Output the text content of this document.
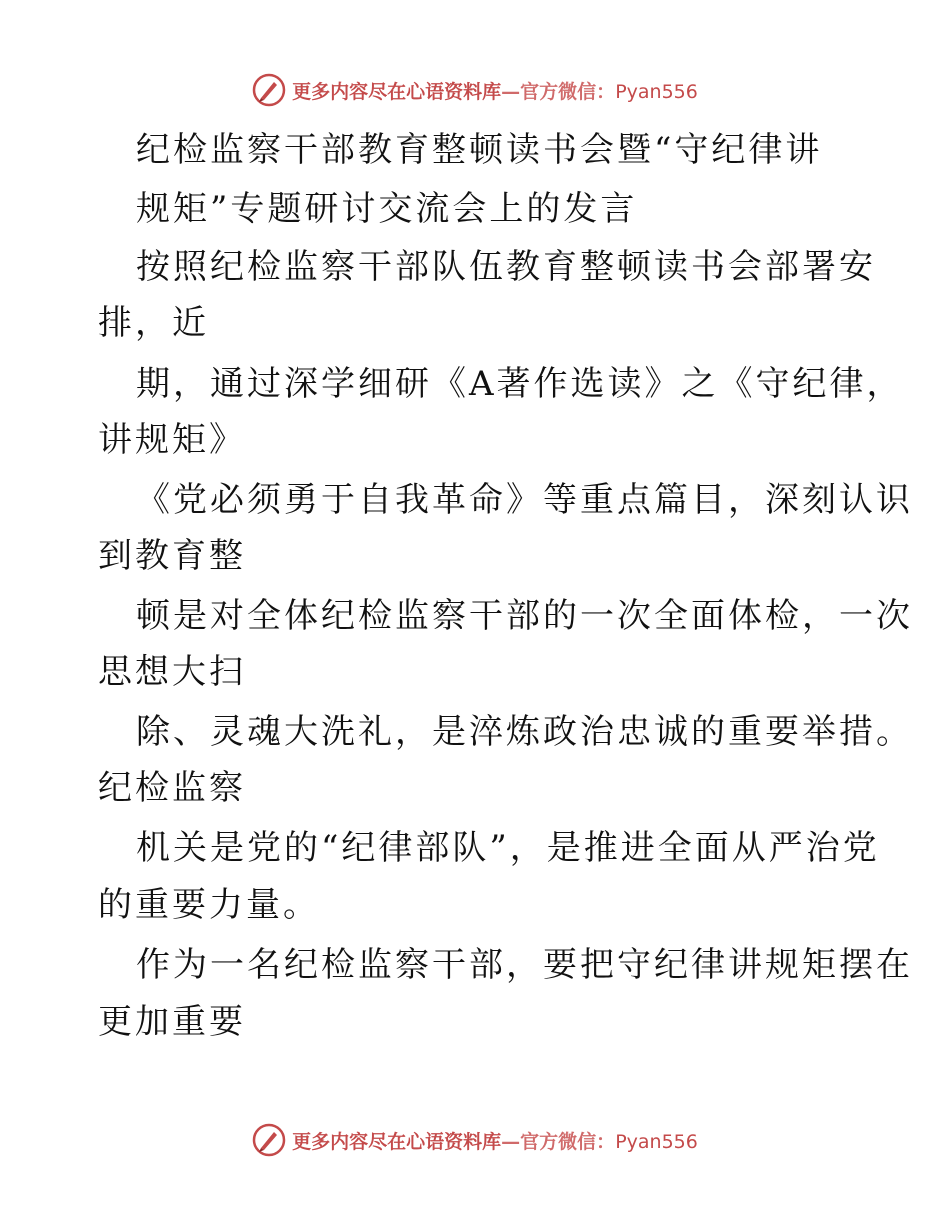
更多内容尽在心语资料库—官方微信：Pyan556
纪检监察干部教育整顿读书会暨“守纪律讲
规矩”专题研讨交流会上的发言
按照纪检监察干部队伍教育整顿读书会部署安
排，近
期，通过深学细研《A著作选读》之《守纪律，
讲规矩》
《党必须勇于自我革命》等重点篇目，深刻认识
到教育整
顿是对全体纪检监察干部的一次全面体检，一次
思想大扫
除、灵魂大洗礼，是淬炼政治忠诚的重要举措。
纪检监察
机关是党的“纪律部队”，是推进全面从严治党
的重要力量。
作为一名纪检监察干部，要把守纪律讲规矩摆在
更加重要
更多内容尽在心语资料库—官方微信：Pyan556
